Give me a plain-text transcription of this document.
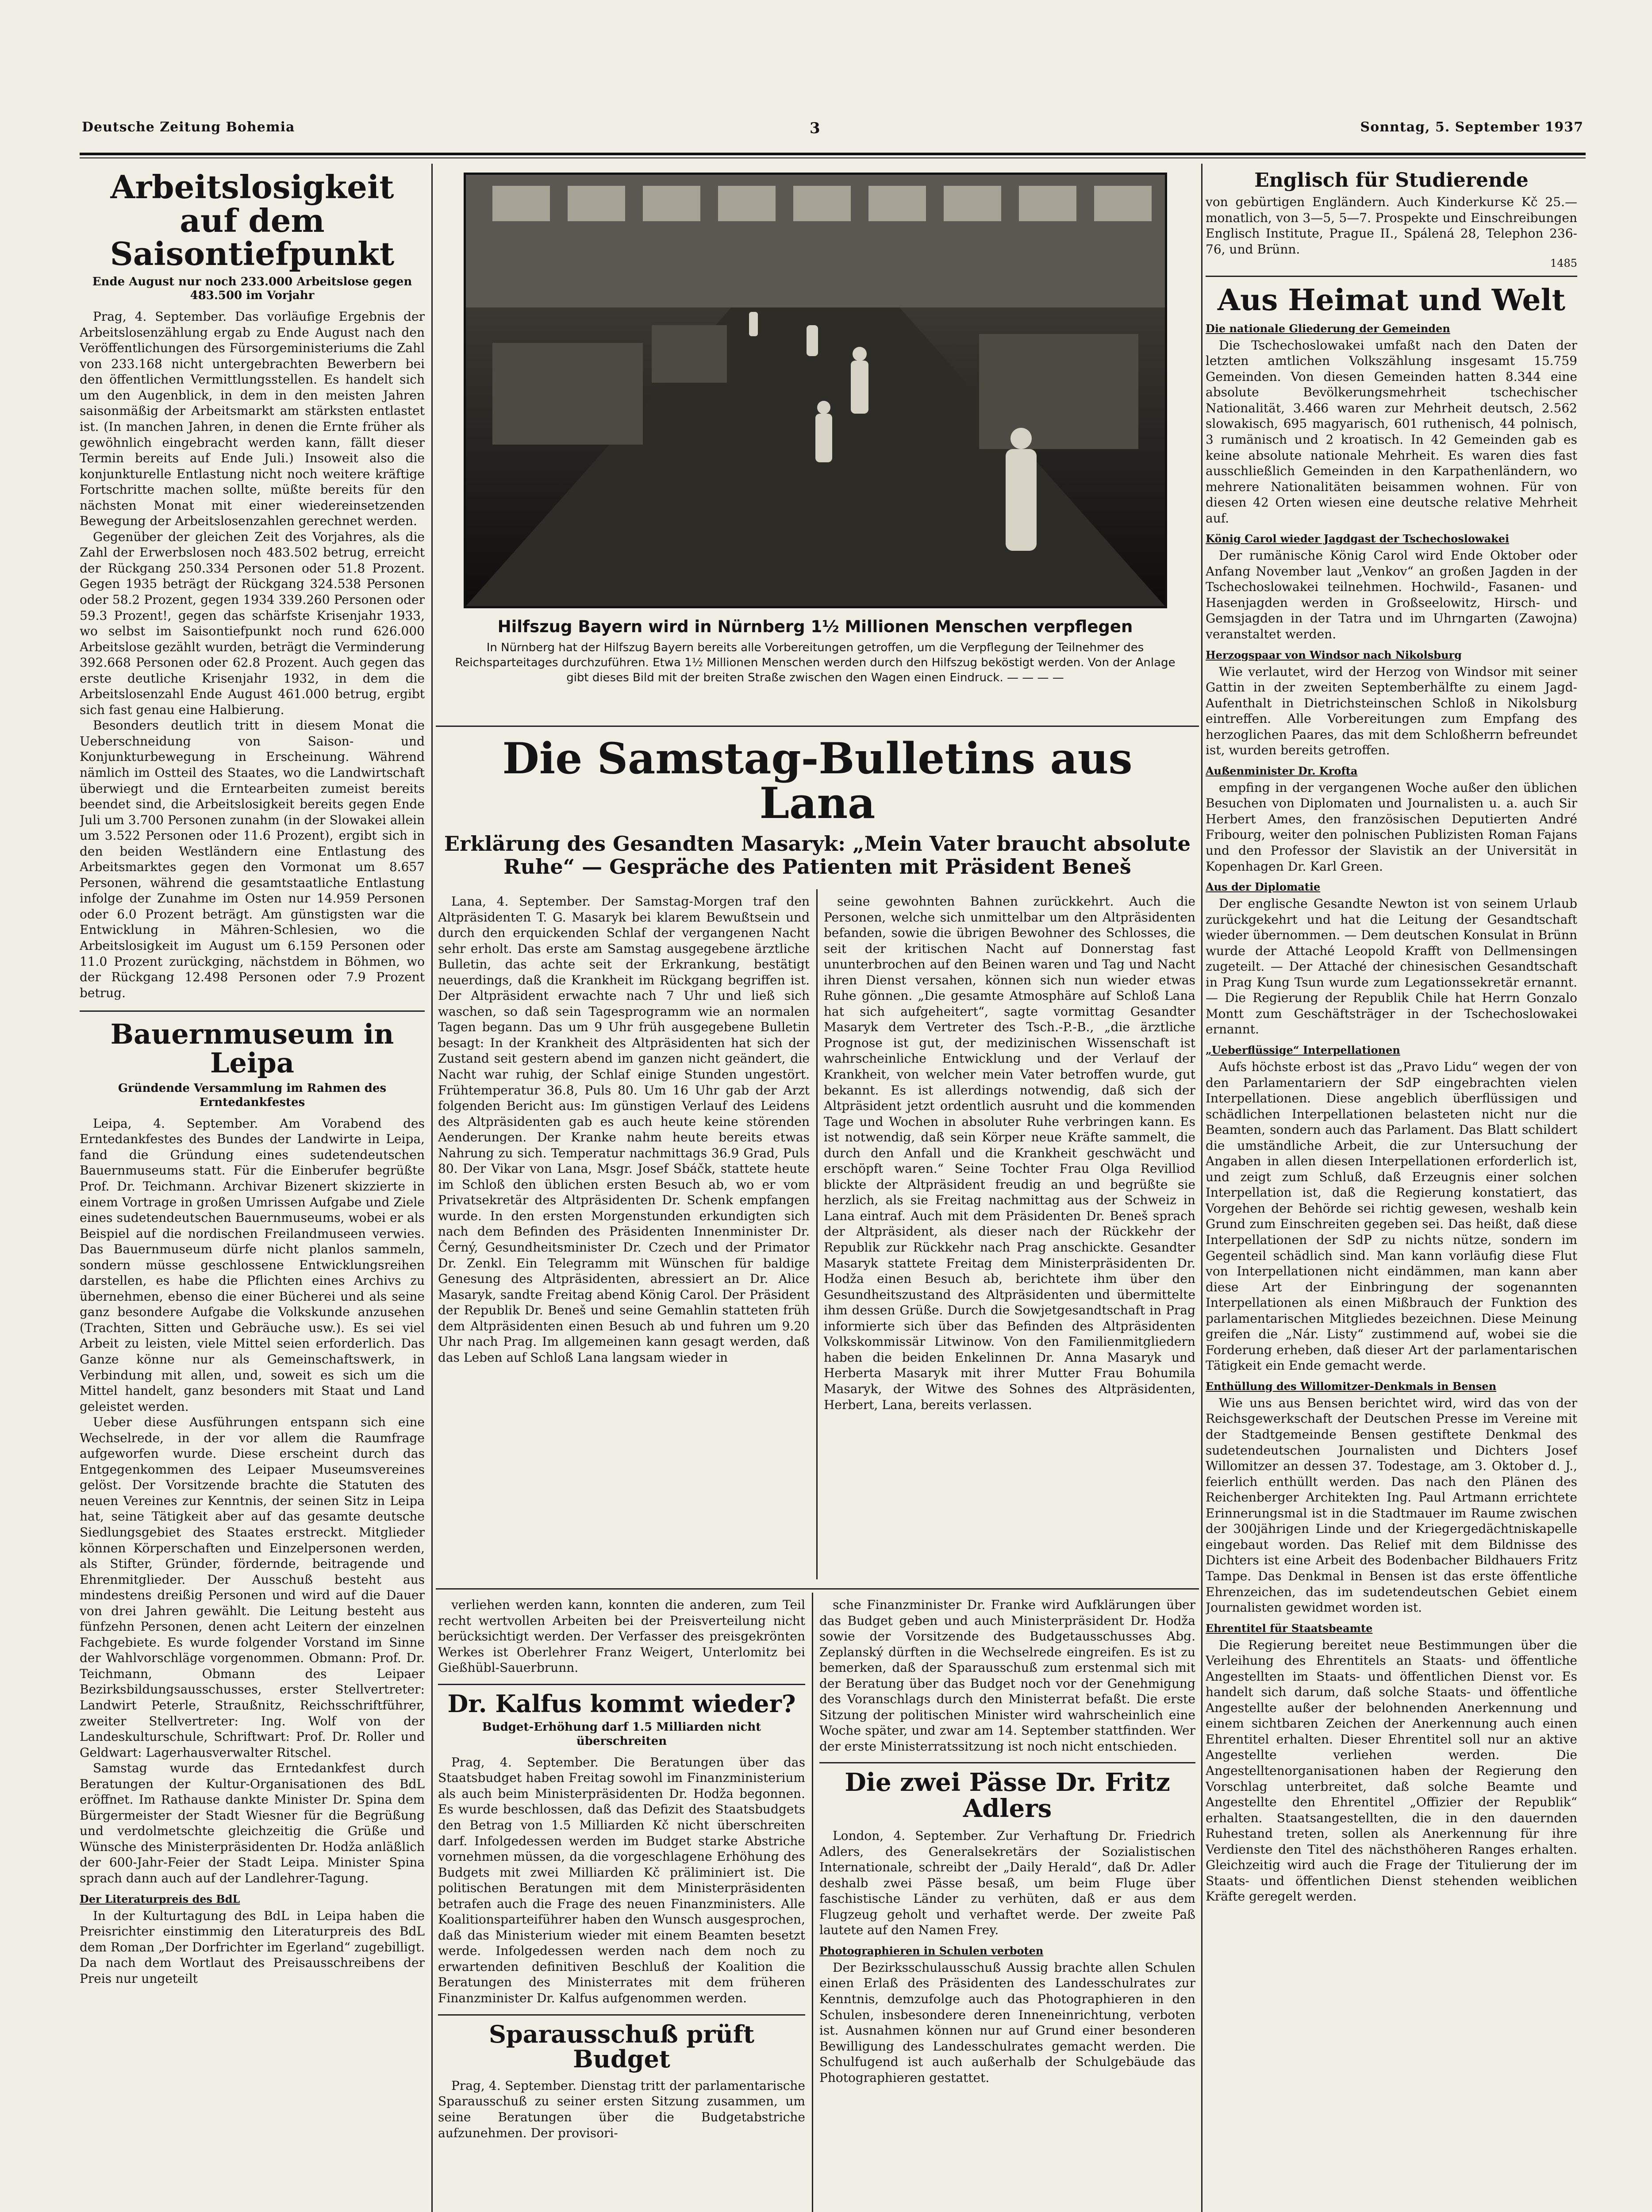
Deutsche Zeitung Bohemia	3	Sonntag, 5. September 1937
Arbeitslosigkeit auf dem Saisontiefpunkt
Ende August nur noch 233.000 Arbeitslose gegen 483.500 im Vorjahr

Prag, 4. September. Das vorläufige Ergebnis der Arbeitslosenzählung ergab zu Ende August nach den Veröffentlichungen des Fürsorgeministeriums die Zahl von 233.168 nicht untergebrachten Bewerbern bei den öffentlichen Vermittlungsstellen. Es handelt sich um den Augenblick, in dem in den meisten Jahren saisonmäßig der Arbeitsmarkt am stärksten entlastet ist. (In manchen Jahren, in denen die Ernte früher als gewöhnlich eingebracht werden kann, fällt dieser Termin bereits auf Ende Juli.) Insoweit also die konjunkturelle Entlastung nicht noch weitere kräftige Fortschritte machen sollte, müßte bereits für den nächsten Monat mit einer wiedereinsetzenden Bewegung der Arbeitslosenzahlen gerechnet werden.

Gegenüber der gleichen Zeit des Vorjahres, als die Zahl der Erwerbslosen noch 483.502 betrug, erreicht der Rückgang 250.334 Personen oder 51.8 Prozent. Gegen 1935 beträgt der Rückgang 324.538 Personen oder 58.2 Prozent, gegen 1934 339.260 Personen oder 59.3 Prozent!, gegen das schärfste Krisenjahr 1933, wo selbst im Saisontiefpunkt noch rund 626.000 Arbeitslose gezählt wurden, beträgt die Verminderung 392.668 Personen oder 62.8 Prozent. Auch gegen das erste deutliche Krisenjahr 1932, in dem die Arbeitslosenzahl Ende August 461.000 betrug, ergibt sich fast genau eine Halbierung.

Besonders deutlich tritt in diesem Monat die Ueberschneidung von Saison- und Konjunkturbewegung in Erscheinung. Während nämlich im Ostteil des Staates, wo die Landwirtschaft überwiegt und die Erntearbeiten zumeist bereits beendet sind, die Arbeitslosigkeit bereits gegen Ende Juli um 3.700 Personen zunahm (in der Slowakei allein um 3.522 Personen oder 11.6 Prozent), ergibt sich in den beiden Westländern eine Entlastung des Arbeitsmarktes gegen den Vormonat um 8.657 Personen, während die gesamtstaatliche Entlastung infolge der Zunahme im Osten nur 14.959 Personen oder 6.0 Prozent beträgt. Am günstigsten war die Entwicklung in Mähren-Schlesien, wo die Arbeitslosigkeit im August um 6.159 Personen oder 11.0 Prozent zurückging, nächstdem in Böhmen, wo der Rückgang 12.498 Personen oder 7.9 Prozent betrug.

Bauernmuseum in Leipa
Gründende Versammlung im Rahmen des Erntedankfestes

Leipa, 4. September. Am Vorabend des Erntedankfestes des Bundes der Landwirte in Leipa, fand die Gründung eines sudetendeutschen Bauernmuseums statt. Für die Einberufer begrüßte Prof. Dr. Teichmann. Archivar Bizenert skizzierte in einem Vortrage in großen Umrissen Aufgabe und Ziele eines sudetendeutschen Bauernmuseums, wobei er als Beispiel auf die nordischen Freilandmuseen verwies. Das Bauernmuseum dürfe nicht planlos sammeln, sondern müsse geschlossene Entwicklungsreihen darstellen, es habe die Pflichten eines Archivs zu übernehmen, ebenso die einer Bücherei und als seine ganz besondere Aufgabe die Volkskunde anzusehen (Trachten, Sitten und Gebräuche usw.). Es sei viel Arbeit zu leisten, viele Mittel seien erforderlich. Das Ganze könne nur als Gemeinschaftswerk, in Verbindung mit allen, und, soweit es sich um die Mittel handelt, ganz besonders mit Staat und Land geleistet werden.

Ueber diese Ausführungen entspann sich eine Wechselrede, in der vor allem die Raumfrage aufgeworfen wurde. Diese erscheint durch das Entgegenkommen des Leipaer Museumsvereines gelöst. Der Vorsitzende brachte die Statuten des neuen Vereines zur Kenntnis, der seinen Sitz in Leipa hat, seine Tätigkeit aber auf das gesamte deutsche Siedlungsgebiet des Staates erstreckt. Mitglieder können Körperschaften und Einzelpersonen werden, als Stifter, Gründer, fördernde, beitragende und Ehrenmitglieder. Der Ausschuß besteht aus mindestens dreißig Personen und wird auf die Dauer von drei Jahren gewählt. Die Leitung besteht aus fünfzehn Personen, denen acht Leitern der einzelnen Fachgebiete. Es wurde folgender Vorstand im Sinne der Wahlvorschläge vorgenommen. Obmann: Prof. Dr. Teichmann, Obmann des Leipaer Bezirksbildungsausschusses, erster Stellvertreter: Landwirt Peterle, Straußnitz, Reichsschriftführer, zweiter Stellvertreter: Ing. Wolf von der Landeskulturschule, Schriftwart: Prof. Dr. Roller und Geldwart: Lagerhausverwalter Ritschel.

Samstag wurde das Erntedankfest durch Beratungen der Kultur-Organisationen des BdL eröffnet. Im Rathause dankte Minister Dr. Spina dem Bürgermeister der Stadt Wiesner für die Begrüßung und verdolmetschte gleichzeitig die Grüße und Wünsche des Ministerpräsidenten Dr. Hodža anläßlich der 600-Jahr-Feier der Stadt Leipa. Minister Spina sprach dann auch auf der Landlehrer-Tagung.

Der Literaturpreis des BdL

In der Kulturtagung des BdL in Leipa haben die Preisrichter einstimmig den Literaturpreis des BdL dem Roman „Der Dorfrichter im Egerland“ zugebilligt. Da nach dem Wortlaut des Preisausschreibens der Preis nur ungeteilt

Hilfszug Bayern wird in Nürnberg 1½ Millionen Menschen verpflegen
In Nürnberg hat der Hilfszug Bayern bereits alle Vorbereitungen getroffen, um die Verpflegung der Teilnehmer des Reichsparteitages durchzuführen. Etwa 1½ Millionen Menschen werden durch den Hilfszug beköstigt werden. Von der Anlage gibt dieses Bild mit der breiten Straße zwischen den Wagen einen Eindruck. — — — —
Die Samstag-Bulletins aus Lana
Erklärung des Gesandten Masaryk: „Mein Vater braucht absolute Ruhe“ — Gespräche des Patienten mit Präsident Beneš

Lana, 4. September. Der Samstag-Morgen traf den Altpräsidenten T. G. Masaryk bei klarem Bewußtsein und durch den erquickenden Schlaf der vergangenen Nacht sehr erholt. Das erste am Samstag ausgegebene ärztliche Bulletin, das achte seit der Erkrankung, bestätigt neuerdings, daß die Krankheit im Rückgang begriffen ist. Der Altpräsident erwachte nach 7 Uhr und ließ sich waschen, so daß sein Tagesprogramm wie an normalen Tagen begann. Das um 9 Uhr früh ausgegebene Bulletin besagt: In der Krankheit des Altpräsidenten hat sich der Zustand seit gestern abend im ganzen nicht geändert, die Nacht war ruhig, der Schlaf einige Stunden ungestört. Frühtemperatur 36.8, Puls 80. Um 16 Uhr gab der Arzt folgenden Bericht aus: Im günstigen Verlauf des Leidens des Altpräsidenten gab es auch heute keine störenden Aenderungen. Der Kranke nahm heute bereits etwas Nahrung zu sich. Temperatur nachmittags 36.9 Grad, Puls 80. Der Vikar von Lana, Msgr. Josef Sbáčk, stattete heute im Schloß den üblichen ersten Besuch ab, wo er vom Privatsekretär des Altpräsidenten Dr. Schenk empfangen wurde. In den ersten Morgenstunden erkundigten sich nach dem Befinden des Präsidenten Innenminister Dr. Černý, Gesundheitsminister Dr. Czech und der Primator Dr. Zenkl. Ein Telegramm mit Wünschen für baldige Genesung des Altpräsidenten, abressiert an Dr. Alice Masaryk, sandte Freitag abend König Carol. Der Präsident der Republik Dr. Beneš und seine Gemahlin statteten früh dem Altpräsidenten einen Besuch ab und fuhren um 9.20 Uhr nach Prag. Im allgemeinen kann gesagt werden, daß das Leben auf Schloß Lana langsam wieder in

seine gewohnten Bahnen zurückkehrt. Auch die Personen, welche sich unmittelbar um den Altpräsidenten befanden, sowie die übrigen Bewohner des Schlosses, die seit der kritischen Nacht auf Donnerstag fast ununterbrochen auf den Beinen waren und Tag und Nacht ihren Dienst versahen, können sich nun wieder etwas Ruhe gönnen. „Die gesamte Atmosphäre auf Schloß Lana hat sich aufgeheitert“, sagte vormittag Gesandter Masaryk dem Vertreter des Tsch.-P.-B., „die ärztliche Prognose ist gut, der medizinischen Wissenschaft ist wahrscheinliche Entwicklung und der Verlauf der Krankheit, von welcher mein Vater betroffen wurde, gut bekannt. Es ist allerdings notwendig, daß sich der Altpräsident jetzt ordentlich ausruht und die kommenden Tage und Wochen in absoluter Ruhe verbringen kann. Es ist notwendig, daß sein Körper neue Kräfte sammelt, die durch den Anfall und die Krankheit geschwächt und erschöpft waren.“ Seine Tochter Frau Olga Revilliod blickte der Altpräsident freudig an und begrüßte sie herzlich, als sie Freitag nachmittag aus der Schweiz in Lana eintraf. Auch mit dem Präsidenten Dr. Beneš sprach der Altpräsident, als dieser nach der Rückkehr der Republik zur Rückkehr nach Prag anschickte. Gesandter Masaryk stattete Freitag dem Ministerpräsidenten Dr. Hodža einen Besuch ab, berichtete ihm über den Gesundheitszustand des Altpräsidenten und übermittelte ihm dessen Grüße. Durch die Sowjetgesandtschaft in Prag informierte sich über das Befinden des Altpräsidenten Volkskommissär Litwinow. Von den Familienmitgliedern haben die beiden Enkelinnen Dr. Anna Masaryk und Herberta Masaryk mit ihrer Mutter Frau Bohumila Masaryk, der Witwe des Sohnes des Altpräsidenten, Herbert, Lana, bereits verlassen.

verliehen werden kann, konnten die anderen, zum Teil recht wertvollen Arbeiten bei der Preisverteilung nicht berücksichtigt werden. Der Verfasser des preisgekrönten Werkes ist Oberlehrer Franz Weigert, Unterlomitz bei Gießhübl-Sauerbrunn.

Dr. Kalfus kommt wieder?
Budget-Erhöhung darf 1.5 Milliarden nicht überschreiten

Prag, 4. September. Die Beratungen über das Staatsbudget haben Freitag sowohl im Finanzministerium als auch beim Ministerpräsidenten Dr. Hodža begonnen. Es wurde beschlossen, daß das Defizit des Staatsbudgets den Betrag von 1.5 Milliarden Kč nicht überschreiten darf. Infolgedessen werden im Budget starke Abstriche vornehmen müssen, da die vorgeschlagene Erhöhung des Budgets mit zwei Milliarden Kč präliminiert ist. Die politischen Beratungen mit dem Ministerpräsidenten betrafen auch die Frage des neuen Finanzministers. Alle Koalitionsparteiführer haben den Wunsch ausgesprochen, daß das Ministerium wieder mit einem Beamten besetzt werde. Infolgedessen werden nach dem noch zu erwartenden definitiven Beschluß der Koalition die Beratungen des Ministerrates mit dem früheren Finanzminister Dr. Kalfus aufgenommen werden.

Sparausschuß prüft Budget

Prag, 4. September. Dienstag tritt der parlamentarische Sparausschuß zu seiner ersten Sitzung zusammen, um seine Beratungen über die Budgetabstriche aufzunehmen. Der provisori-

sche Finanzminister Dr. Franke wird Aufklärungen über das Budget geben und auch Ministerpräsident Dr. Hodža sowie der Vorsitzende des Budgetausschusses Abg. Zeplanský dürften in die Wechselrede eingreifen. Es ist zu bemerken, daß der Sparausschuß zum erstenmal sich mit der Beratung über das Budget noch vor der Genehmigung des Voranschlags durch den Ministerrat befaßt. Die erste Sitzung der politischen Minister wird wahrscheinlich eine Woche später, und zwar am 14. September stattfinden. Wer der erste Ministerratssitzung ist noch nicht entschieden.

Die zwei Pässe Dr. Fritz Adlers

London, 4. September. Zur Verhaftung Dr. Friedrich Adlers, des Generalsekretärs der Sozialistischen Internationale, schreibt der „Daily Herald“, daß Dr. Adler deshalb zwei Pässe besaß, um beim Fluge über faschistische Länder zu verhüten, daß er aus dem Flugzeug geholt und verhaftet werde. Der zweite Paß lautete auf den Namen Frey.

Photographieren in Schulen verboten

Der Bezirksschulausschuß Aussig brachte allen Schulen einen Erlaß des Präsidenten des Landesschulrates zur Kenntnis, demzufolge auch das Photographieren in den Schulen, insbesondere deren Inneneinrichtung, verboten ist. Ausnahmen können nur auf Grund einer besonderen Bewilligung des Landesschulrates gemacht werden. Die Schulfugend ist auch außerhalb der Schulgebäude das Photographieren gestattet.

Englisch für Studierende

von gebürtigen Engländern. Auch Kinderkurse Kč 25.— monatlich, von 3—5, 5—7. Prospekte und Einschreibungen Englisch Institute, Prague II., Spálená 28, Telephon 236-76, und Brünn.

1485
Aus Heimat und Welt
Die nationale Gliederung der Gemeinden

Die Tschechoslowakei umfaßt nach den Daten der letzten amtlichen Volkszählung insgesamt 15.759 Gemeinden. Von diesen Gemeinden hatten 8.344 eine absolute Bevölkerungsmehrheit tschechischer Nationalität, 3.466 waren zur Mehrheit deutsch, 2.562 slowakisch, 695 magyarisch, 601 ruthenisch, 44 polnisch, 3 rumänisch und 2 kroatisch. In 42 Gemeinden gab es keine absolute nationale Mehrheit. Es waren dies fast ausschließlich Gemeinden in den Karpathenländern, wo mehrere Nationalitäten beisammen wohnen. Für von diesen 42 Orten wiesen eine deutsche relative Mehrheit auf.

König Carol wieder Jagdgast der Tschechoslowakei

Der rumänische König Carol wird Ende Oktober oder Anfang November laut „Venkov“ an großen Jagden in der Tschechoslowakei teilnehmen. Hochwild-, Fasanen- und Hasenjagden werden in Großseelowitz, Hirsch- und Gemsjagden in der Tatra und im Uhrngarten (Zawojna) veranstaltet werden.

Herzogspaar von Windsor nach Nikolsburg

Wie verlautet, wird der Herzog von Windsor mit seiner Gattin in der zweiten Septemberhälfte zu einem Jagd-Aufenthalt in Dietrichsteinschen Schloß in Nikolsburg eintreffen. Alle Vorbereitungen zum Empfang des herzoglichen Paares, das mit dem Schloßherrn befreundet ist, wurden bereits getroffen.

Außenminister Dr. Krofta

empfing in der vergangenen Woche außer den üblichen Besuchen von Diplomaten und Journalisten u. a. auch Sir Herbert Ames, den französischen Deputierten André Fribourg, weiter den polnischen Publizisten Roman Fajans und den Professor der Slavistik an der Universität in Kopenhagen Dr. Karl Green.

Aus der Diplomatie

Der englische Gesandte Newton ist von seinem Urlaub zurückgekehrt und hat die Leitung der Gesandtschaft wieder übernommen. — Dem deutschen Konsulat in Brünn wurde der Attaché Leopold Krafft von Dellmensingen zugeteilt. — Der Attaché der chinesischen Gesandtschaft in Prag Kung Tsun wurde zum Legationssekretär ernannt. — Die Regierung der Republik Chile hat Herrn Gonzalo Montt zum Geschäftsträger in der Tschechoslowakei ernannt.

„Ueberflüssige“ Interpellationen

Aufs höchste erbost ist das „Pravo Lidu“ wegen der von den Parlamentariern der SdP eingebrachten vielen Interpellationen. Diese angeblich überflüssigen und schädlichen Interpellationen belasteten nicht nur die Beamten, sondern auch das Parlament. Das Blatt schildert die umständliche Arbeit, die zur Untersuchung der Angaben in allen diesen Interpellationen erforderlich ist, und zeigt zum Schluß, daß Erzeugnis einer solchen Interpellation ist, daß die Regierung konstatiert, das Vorgehen der Behörde sei richtig gewesen, weshalb kein Grund zum Einschreiten gegeben sei. Das heißt, daß diese Interpellationen der SdP zu nichts nütze, sondern im Gegenteil schädlich sind. Man kann vorläufig diese Flut von Interpellationen nicht eindämmen, man kann aber diese Art der Einbringung der sogenannten Interpellationen als einen Mißbrauch der Funktion des parlamentarischen Mitgliedes bezeichnen. Diese Meinung greifen die „Nár. Listy“ zustimmend auf, wobei sie die Forderung erheben, daß dieser Art der parlamentarischen Tätigkeit ein Ende gemacht werde.

Enthüllung des Willomitzer-Denkmals in Bensen

Wie uns aus Bensen berichtet wird, wird das von der Reichsgewerkschaft der Deutschen Presse im Vereine mit der Stadtgemeinde Bensen gestiftete Denkmal des sudetendeutschen Journalisten und Dichters Josef Willomitzer an dessen 37. Todestage, am 3. Oktober d. J., feierlich enthüllt werden. Das nach den Plänen des Reichenberger Architekten Ing. Paul Artmann errichtete Erinnerungsmal ist in die Stadtmauer im Raume zwischen der 300jährigen Linde und der Kriegergedächtniskapelle eingebaut worden. Das Relief mit dem Bildnisse des Dichters ist eine Arbeit des Bodenbacher Bildhauers Fritz Tampe. Das Denkmal in Bensen ist das erste öffentliche Ehrenzeichen, das im sudetendeutschen Gebiet einem Journalisten gewidmet worden ist.

Ehrentitel für Staatsbeamte

Die Regierung bereitet neue Bestimmungen über die Verleihung des Ehrentitels an Staats- und öffentliche Angestellten im Staats- und öffentlichen Dienst vor. Es handelt sich darum, daß solche Staats- und öffentliche Angestellte außer der belohnenden Anerkennung und einem sichtbaren Zeichen der Anerkennung auch einen Ehrentitel erhalten. Dieser Ehrentitel soll nur an aktive Angestellte verliehen werden. Die Angestelltenorganisationen haben der Regierung den Vorschlag unterbreitet, daß solche Beamte und Angestellte den Ehrentitel „Offizier der Republik“ erhalten. Staatsangestellten, die in den dauernden Ruhestand treten, sollen als Anerkennung für ihre Verdienste den Titel des nächsthöheren Ranges erhalten. Gleichzeitig wird auch die Frage der Titulierung der im Staats- und öffentlichen Dienst stehenden weiblichen Kräfte geregelt werden.
